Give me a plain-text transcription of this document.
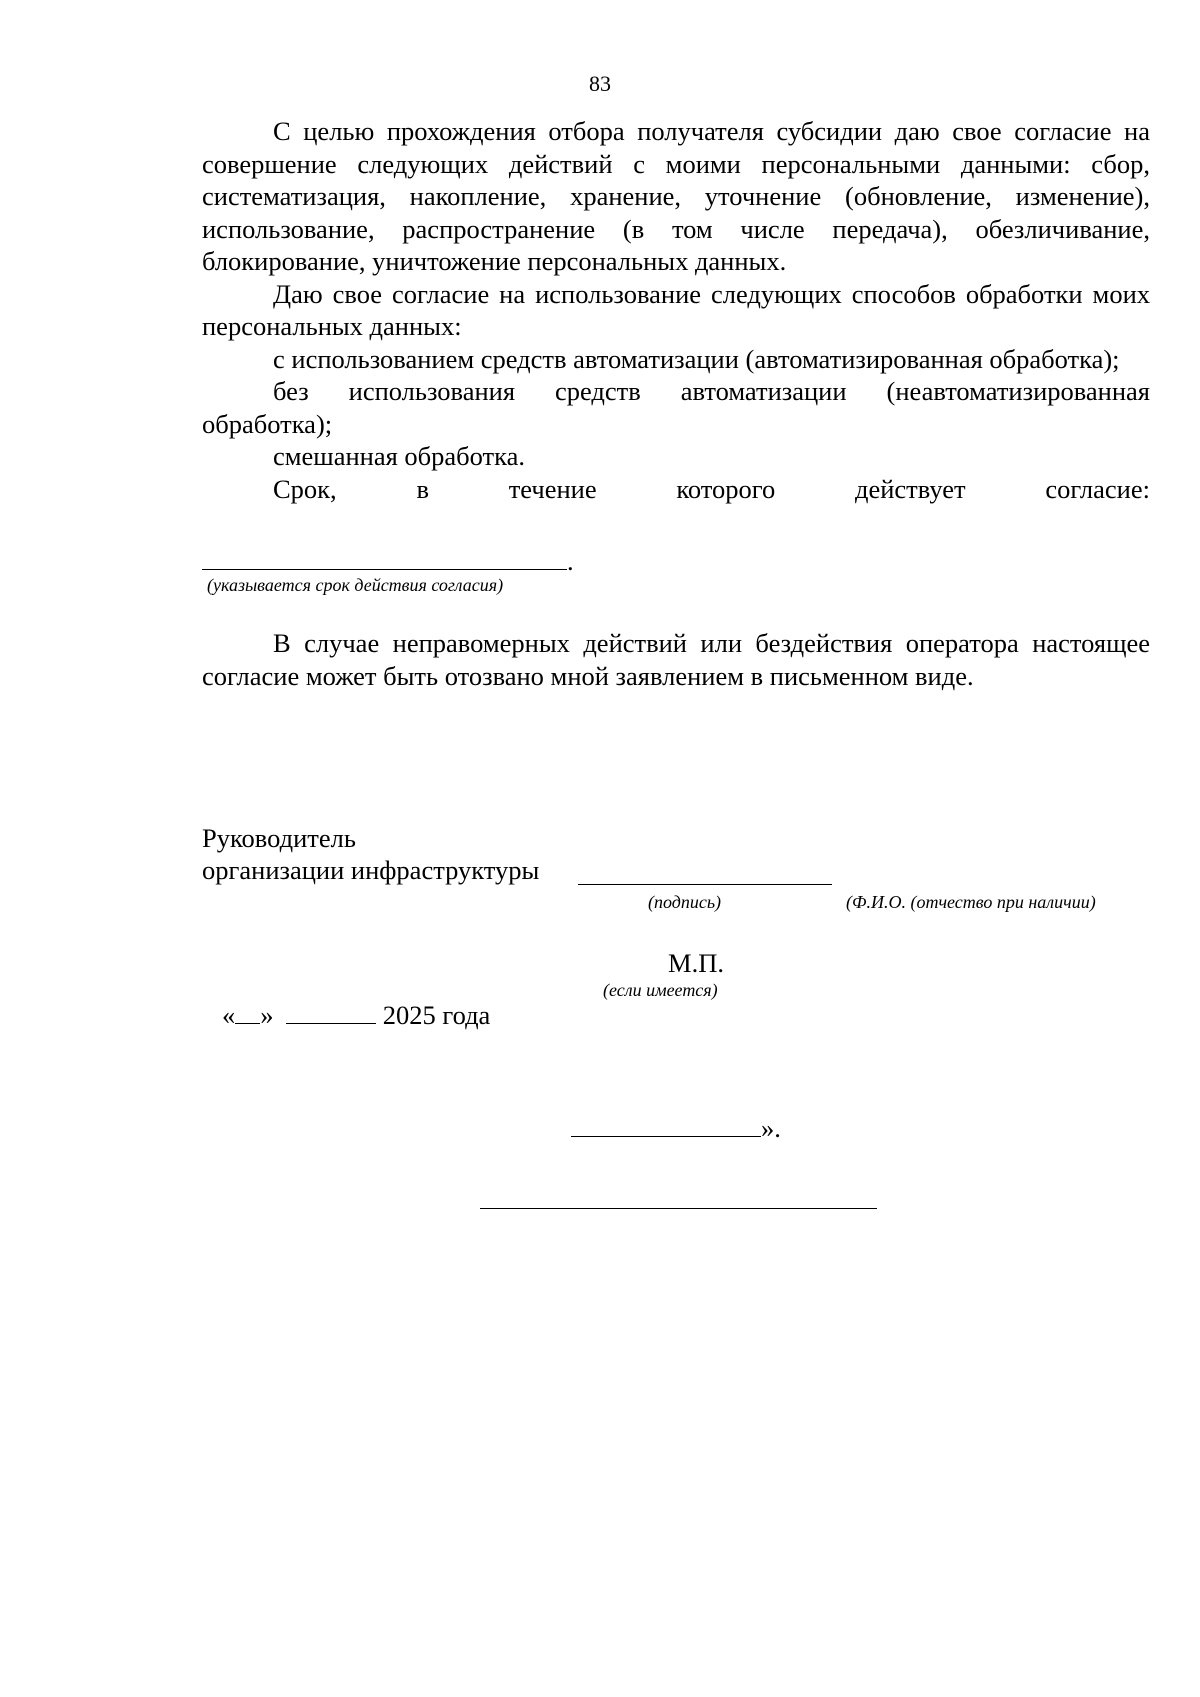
83

С целью прохождения отбора получателя субсидии даю свое согласие на совершение следующих действий с моими персональными данными: сбор, систематизация, накопление, хранение, уточнение (обновление, изменение), использование, распространение (в том числе передача), обезличивание, блокирование, уничтожение персональных данных.

Даю свое согласие на использование следующих способов обработки моих персональных данных:

с использованием средств автоматизации (автоматизированная обработка);

без использования средств автоматизации (неавтоматизированная обработка);

смешанная обработка.

Срок,	в	течение	которого	действует	согласие:
.
(указывается срок действия согласия)

В случае неправомерных действий или бездействия оператора настоящее согласие может быть отозвано мной заявлением в письменном виде.

Руководитель
организации инфраструктуры
(подпись)	(Ф.И.О. (отчество при наличии)
М.П.
(если имеется)
« »	2025 года
».
